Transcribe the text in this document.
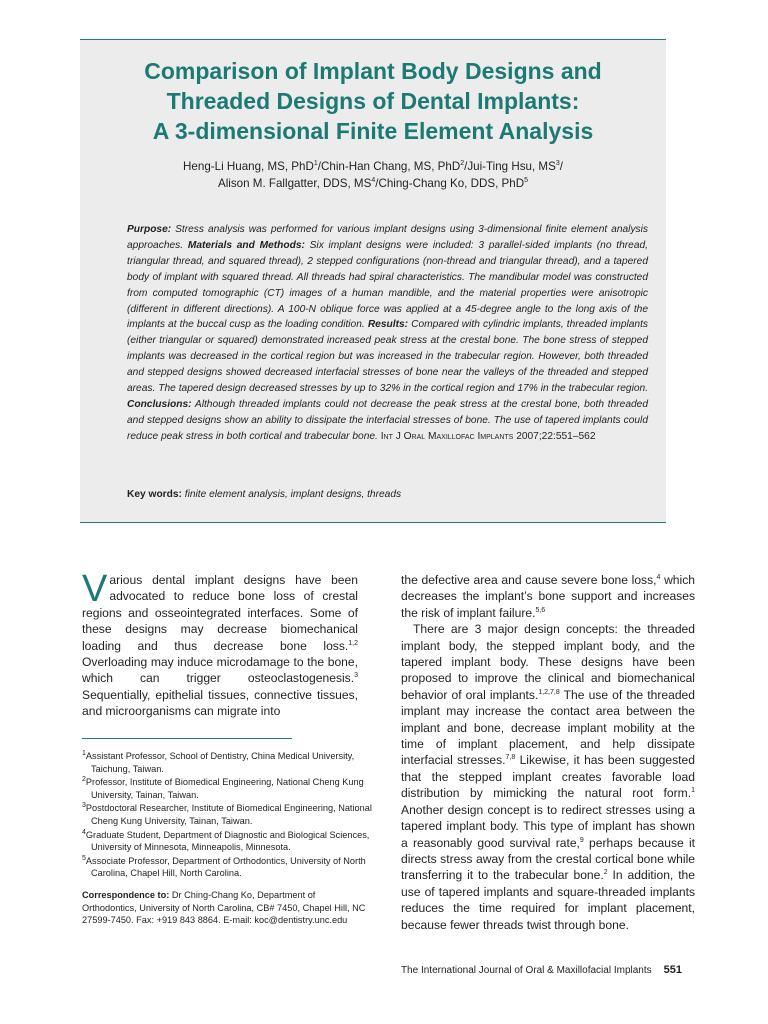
Comparison of Implant Body Designs and
Threaded Designs of Dental Implants:
A 3-dimensional Finite Element Analysis
Heng-Li Huang, MS, PhD$^1$/Chin-Han Chang, MS, PhD$^2$/Jui-Ting Hsu, $MS^3/$
Alison M. Fallgatter, DDS, $MS^4/Ching$-Chang Ko, DDS, PhD$^5$
Purpose: Stress analysis was performed for various implant designs using 3-dimensional finite element analysis approaches. Materials and Methods: Six implant designs were included: 3 parallel-sided implants (no thread, triangular thread, and squared thread), 2 stepped configurations (non-thread and triangular thread), and a tapered body of implant with squared thread. All threads had spiral characteristics. The mandibular model was constructed from computed tomographic (CT) images of a human mandible, and the material properties were anisotropic (different in different directions). A 100-N oblique force was applied at a 45-degree angle to the long axis of the implants at the buccal cusp as the loading condition. Results: Compared with cylindric implants, threaded implants (either triangular or squared) demonstrated increased peak stress at the crestal bone. The bone stress of stepped implants was decreased in the cortical region but was increased in the trabecular region. However, both threaded and stepped designs showed decreased interfacial stresses of bone near the valleys of the threaded and stepped areas. The tapered design decreased stresses by up to 32% in the cortical region and 17% in the trabecular region. Conclusions: Although threaded implants could not decrease the peak stress at the crestal bone, both threaded and stepped designs show an ability to dissipate the interfacial stresses of bone. The use of tapered implants could reduce peak stress in both cortical and trabecular bone. Int J Oral Maxillofac Implants 2007;22:551–562
Key words: finite element analysis, implant designs, threads

Various dental implant designs have been advocated to reduce bone loss of crestal regions and osseointegrated interfaces. Some of these designs may decrease biomechanical loading and thus decrease bone loss.$^{1,2}$ Overloading may induce microdamage to the bone, which can trigger osteoclastogenesis.$^3$ Sequentially, epithelial tissues, connective tissues, and microorganisms can migrate into

$^1$Assistant Professor, School of Dentistry, China Medical University, Taichung, Taiwan.

$^2$Professor, Institute of Biomedical Engineering, National Cheng Kung University, Tainan, Taiwan.

$^3$Postdoctoral Researcher, Institute of Biomedical Engineering, National Cheng Kung University, Tainan, Taiwan.

$^4$Graduate Student, Department of Diagnostic and Biological Sciences, University of Minnesota, Minneapolis, Minnesota.

$^5$Associate Professor, Department of Orthodontics, University of North Carolina, Chapel Hill, North Carolina.

Correspondence to: Dr Ching-Chang Ko, Department of Orthodontics, University of North Carolina, CB# 7450, Chapel Hill, NC 27599-7450. Fax: +919 843 8864. E-mail: koc@dentistry.unc.edu

the defective area and cause severe bone loss,$^4$ which decreases the implant’s bone support and increases the risk of implant failure.$^{5,6}$

There are 3 major design concepts: the threaded implant body, the stepped implant body, and the tapered implant body. These designs have been proposed to improve the clinical and biomechanical behavior of oral implants.$^{1,2,7,8}$ The use of the threaded implant may increase the contact area between the implant and bone, decrease implant mobility at the time of implant placement, and help dissipate interfacial stresses.$^{7,8}$ Likewise, it has been suggested that the stepped implant creates favorable load distribution by mimicking the natural root form.$^1$ Another design concept is to redirect stresses using a tapered implant body. This type of implant has shown a reasonably good survival rate,$^9$ perhaps because it directs stress away from the crestal cortical bone while transferring it to the trabecular bone.$^2$ In addition, the use of tapered implants and square-threaded implants reduces the time required for implant placement, because fewer threads twist through bone.

The International Journal of Oral & Maxillofacial Implants 551
